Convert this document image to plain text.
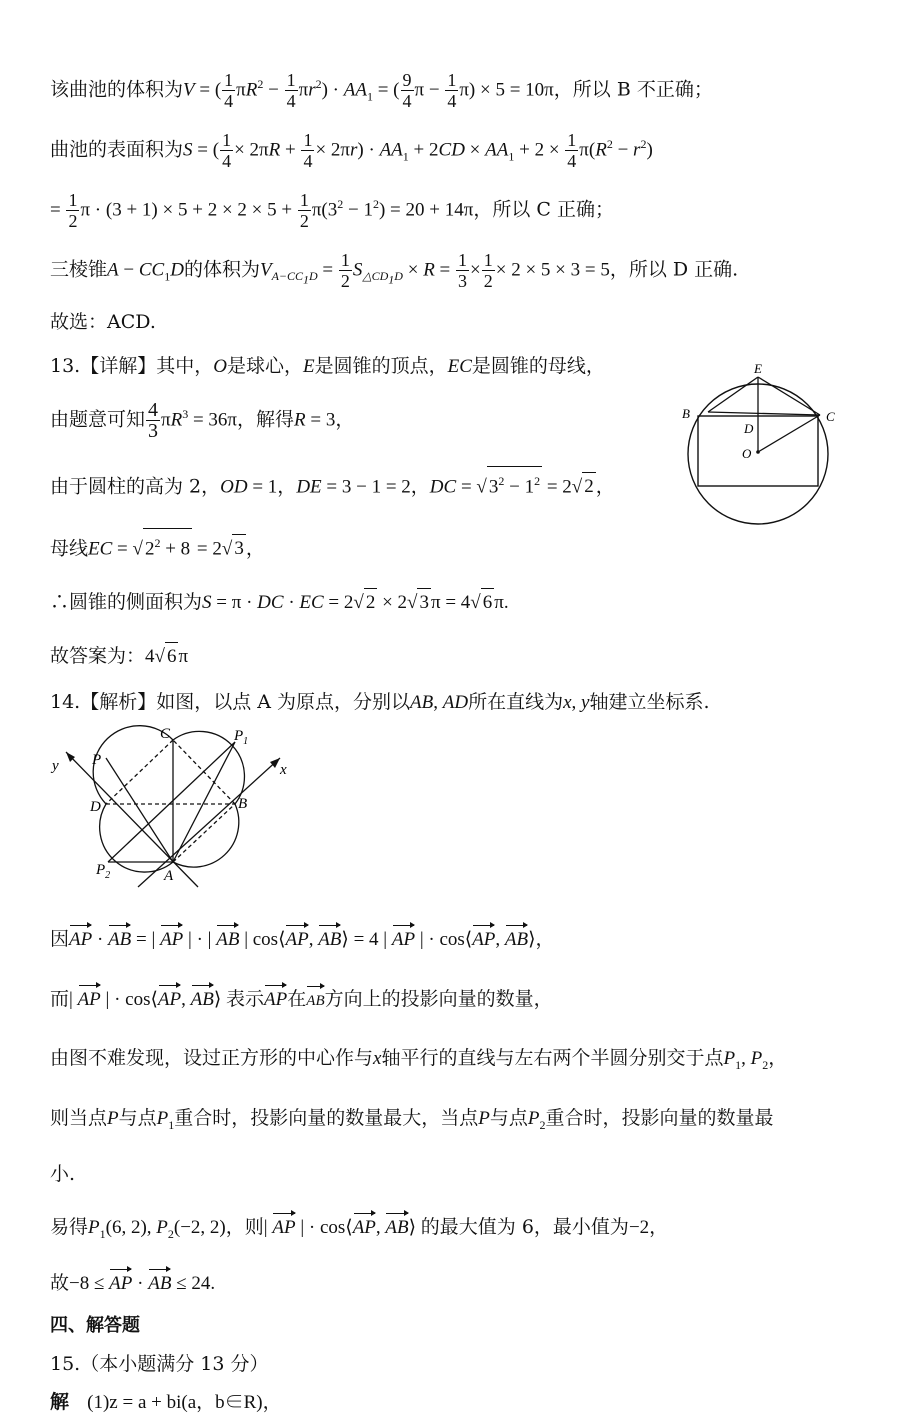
该曲池的体积为V = ( $\frac{1}{4} \pi R^2 - \frac{1}{4} \pi r^2) \cdot AA_1$ = ( $\frac{9}{4}$ $\pi - \frac{1}{4} \pi) \times 5 = 10\pi$，所以 B 不正确；
曲池的表面积为S = ( $\frac{1}{4} \times 2\pi R + \frac{1}{4} \times 2\pi r) \cdot AA_1 + 2CD \times AA_1 + 2 \times \frac{1}{4} \pi(R^2 - r^2)$
= $\frac{1}{2}$ $\pi \cdot (3 + 1) \times 5 + 2 \times 2 \times 5 + \frac{1}{2} \pi(3^2 - 1^2) = 20 + 14\pi$，所以 C 正确；
三棱锥$A - CC_1D$的体积为$V_{A-CC_1D} = \frac{1}{2} S_{\triangle CD_1D} \times R = \frac{1}{3} \times \frac{1}{2} \times 2 \times 5 \times 3 = 5$，所以 D 正确.
故选：ACD.
13.【详解】其中，O是球心，E是圆锥的顶点，EC是圆锥的母线，
由题意可知 $\frac{4}{3} \pi R^3 = 36\pi$，解得R = 3，
由于圆柱的高为 2，OD = 1，DE = 3 − 1 = 2，DC = √ $3^2 - 1^2 = 2√$ 2 ，
母线EC = √ $2^2 + 8 = 2√$ 3 ，
∴圆锥的侧面积为S = π · DC · EC = 2√ 2 × 2√ 3 π = 4√ 6 π.
故答案为：4√ 6 π
E
B	C
D
O
14.【解析】如图，以点 A 为原点，分别以AB, AD所在直线为x, y轴建立坐标系.
C	$P_1$
P
y	x
D	B
$P_2$	A
因AP · AB = | AP | · | AB | cos⟨AP, AB⟩ = 4 | AP | · cos⟨AP, AB⟩，
而| AP | · cos⟨AP, AB⟩ 表示AP在AB方向上的投影向量的数量，
由图不难发现，设过正方形的中心作与x轴平行的直线与左右两个半圆分别交于点$P_1$, $P_2$，
则当点P与点$P_1$重合时，投影向量的数量最大，当点P与点$P_2$重合时，投影向量的数量最
小.
易得$P_1(6$, 2), $P_2(-2$, 2)，则| AP | · cos⟨AP, AB⟩ 的最大值为 6，最小值为−2，
故−8 ≤ AP · AB ≤ 24.
四、解答题
15.（本小题满分 13 分）
解 (1)z = a + bi(a，b∈R)，
